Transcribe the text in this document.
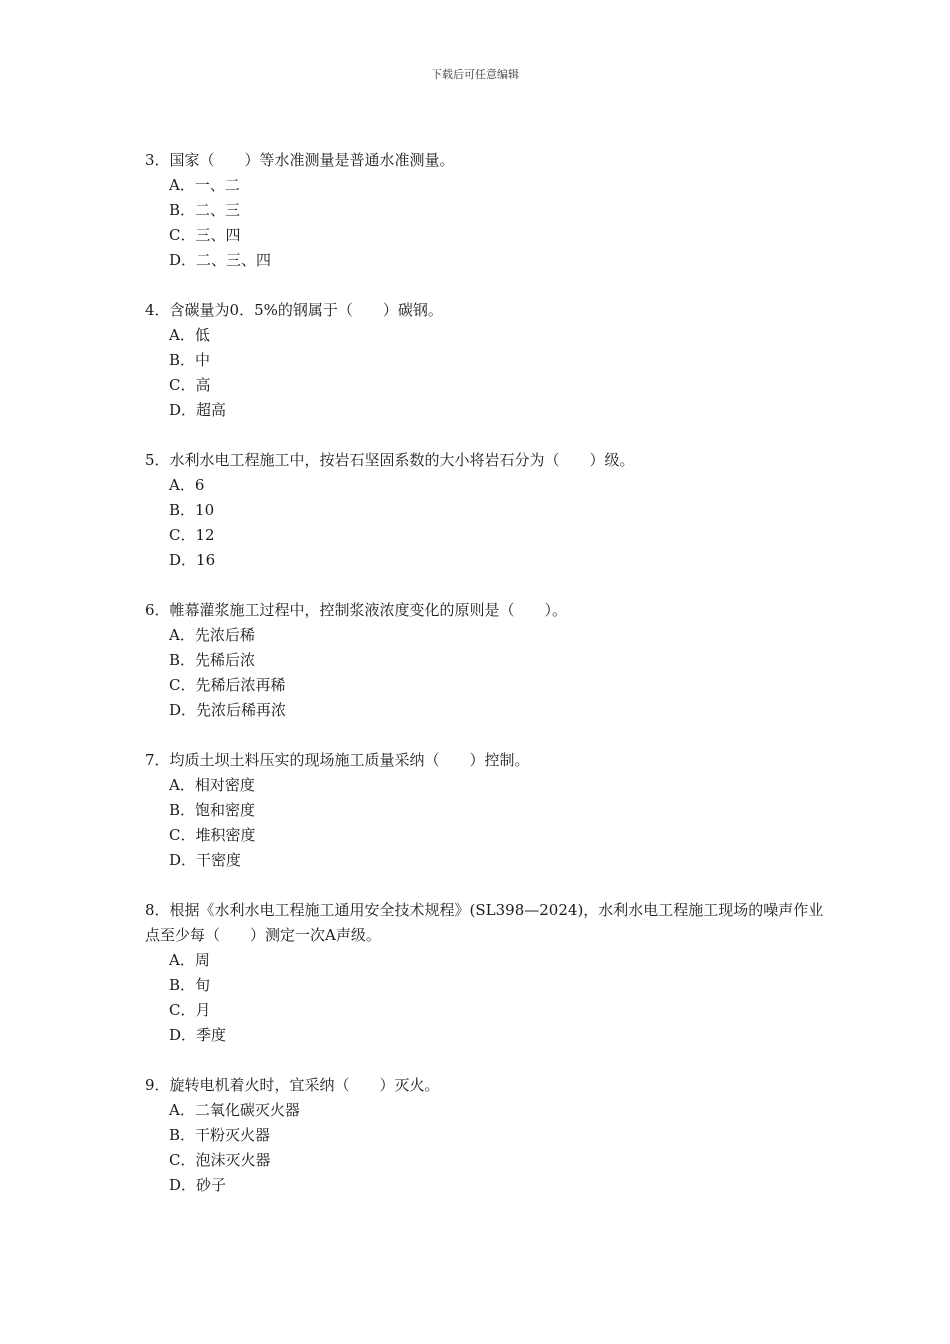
下载后可任意编辑
3．国家（　　）等水准测量是普通水准测量。
A．一、二
B．二、三
C．三、四
D．二、三、四
4．含碳量为0．5%的钢属于（　　）碳钢。
A．低
B．中
C．高
D．超高
5．水利水电工程施工中，按岩石坚固系数的大小将岩石分为（　　）级。
A．6
B．10
C．12
D．16
6．帷幕灌浆施工过程中，控制浆液浓度变化的原则是（　　）。
A．先浓后稀
B．先稀后浓
C．先稀后浓再稀
D．先浓后稀再浓
7．均质土坝土料压实的现场施工质量采纳（　　）控制。
A．相对密度
B．饱和密度
C．堆积密度
D．干密度
8．根据《水利水电工程施工通用安全技术规程》(SL398—2024)，水利水电工程施工现场的噪声作业点至少每（　　）测定一次A声级。
A．周
B．旬
C．月
D．季度
9．旋转电机着火时，宜采纳（　　）灭火。
A．二氧化碳灭火器
B．干粉灭火器
C．泡沫灭火器
D．砂子
